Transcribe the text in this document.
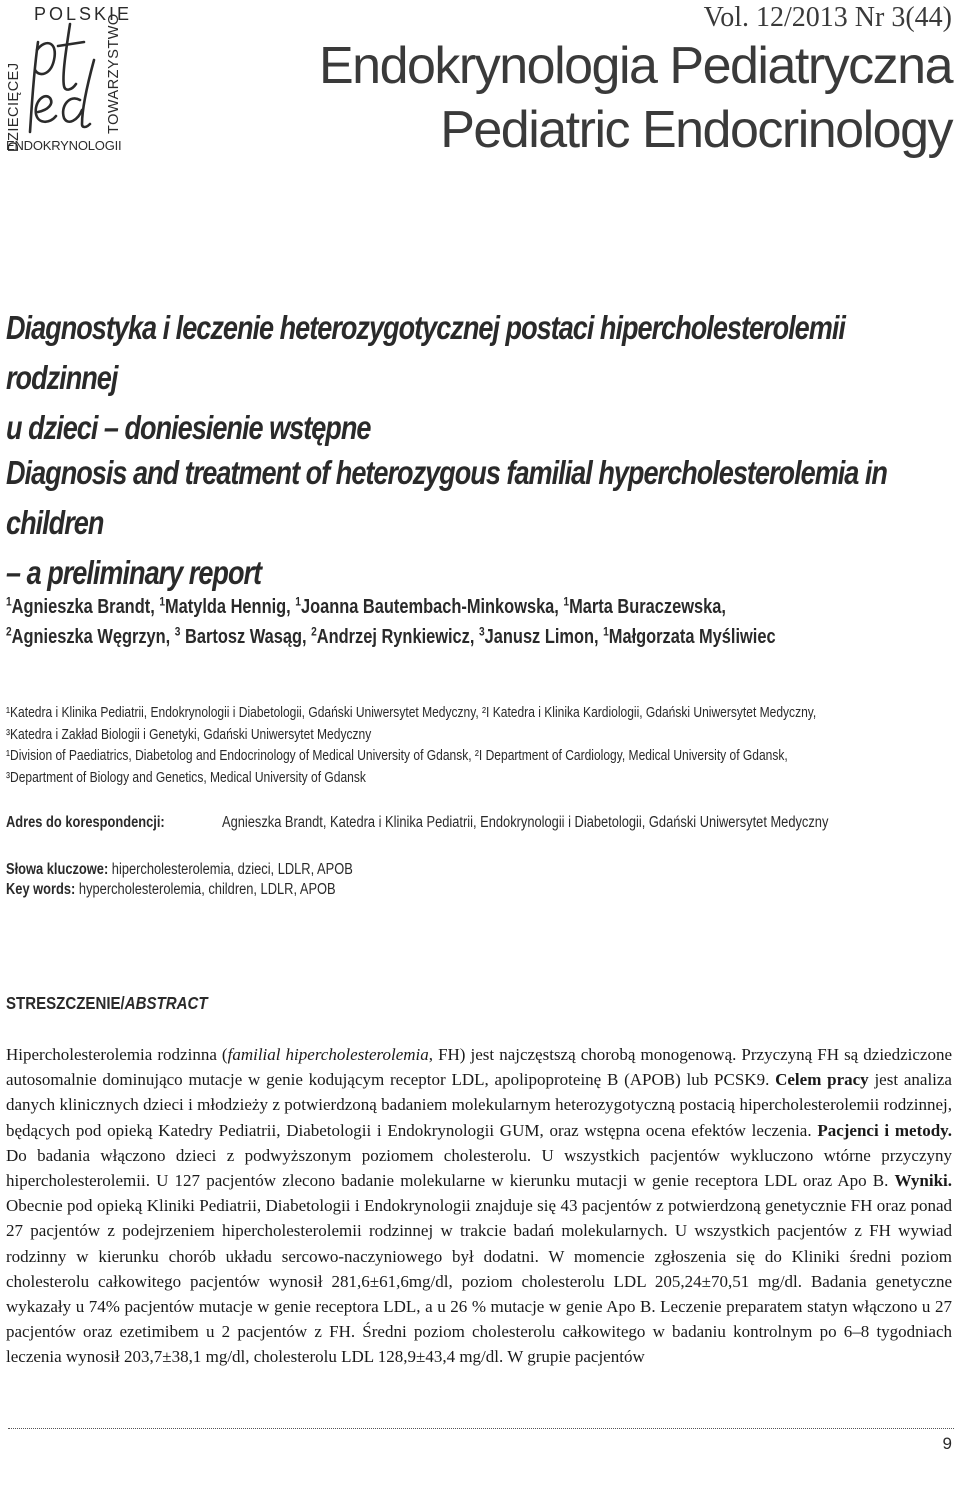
POLSKIE
DZIECIĘCEJ	TOWARZYSTWO
ENDOKRYNOLOGII
Vol. 12/2013 Nr 3(44)
Endokrynologia Pediatryczna
Pediatric Endocrinology
Diagnostyka i leczenie heterozygotycznej postaci hipercholesterolemii rodzinnej
u dzieci – doniesienie wstępne
Diagnosis and treatment of heterozygous familial hypercholesterolemia in children
– a preliminary report
$^1$Agnieszka Brandt, $^1$Matylda Hennig, $^1$Joanna Bautembach-Minkowska, $^1$Marta Buraczewska,
$^2$Agnieszka Węgrzyn, $^3$ Bartosz Wasąg, $^2$Andrzej Rynkiewicz, $^3$Janusz Limon, $^1$Małgorzata Myśliwiec
¹Katedra i Klinika Pediatrii, Endokrynologii i Diabetologii, Gdański Uniwersytet Medyczny, ²I Katedra i Klinika Kardiologii, Gdański Uniwersytet Medyczny,
³Katedra i Zakład Biologii i Genetyki, Gdański Uniwersytet Medyczny
¹Division of Paediatrics, Diabetolog and Endocrinology of Medical University of Gdansk, ²I Department of Cardiology, Medical University of Gdansk,
³Department of Biology and Genetics, Medical University of Gdansk
Adres do korespondencji:	Agnieszka Brandt, Katedra i Klinika Pediatrii, Endokrynologii i Diabetologii, Gdański Uniwersytet Medyczny
Słowa kluczowe: hipercholesterolemia, dzieci, LDLR, APOB
Key words: hypercholesterolemia, children, LDLR, APOB
STRESZCZENIE/ABSTRACT
Hipercholesterolemia rodzinna (familial hipercholesterolemia, FH) jest najczęstszą chorobą monogenową. Przyczyną FH są dziedziczone autosomalnie dominująco mutacje w genie kodującym receptor LDL, apolipoproteinę B (APOB) lub PCSK9. Celem pracy jest analiza danych klinicznych dzieci i młodzieży z potwierdzoną badaniem molekularnym heterozygotyczną postacią hipercholesterolemii rodzinnej, będących pod opieką Katedry Pediatrii, Diabetologii i Endokrynologii GUM, oraz wstępna ocena efektów leczenia. Pacjenci i metody. Do badania włączono dzieci z podwyższonym poziomem cholesterolu. U wszystkich pacjentów wykluczono wtórne przyczyny hipercholesterolemii. U 127 pacjentów zlecono badanie molekularne w kierunku mutacji w genie receptora LDL oraz Apo B. Wyniki. Obecnie pod opieką Kliniki Pediatrii, Diabetologii i Endokrynologii znajduje się 43 pacjentów z potwierdzoną genetycznie FH oraz ponad 27 pacjentów z podejrzeniem hipercholesterolemii rodzinnej w trakcie badań molekularnych. U wszystkich pacjentów z FH wywiad rodzinny w kierunku chorób układu sercowo-naczyniowego był dodatni. W momencie zgłoszenia się do Kliniki średni poziom cholesterolu całkowitego pacjentów wynosił 281,6±61,6mg/dl, poziom cholesterolu LDL 205,24±70,51 mg/dl. Badania genetyczne wykazały u 74% pacjentów mutacje w genie receptora LDL, a u 26 % mutacje w genie Apo B. Leczenie preparatem statyn włączono u 27 pacjentów oraz ezetimibem u 2 pacjentów z FH. Średni poziom cholesterolu całkowitego w badaniu kontrolnym po 6–8 tygodniach leczenia wynosił 203,7±38,1 mg/dl, cholesterolu LDL 128,9±43,4 mg/dl. W grupie pacjentów
9
